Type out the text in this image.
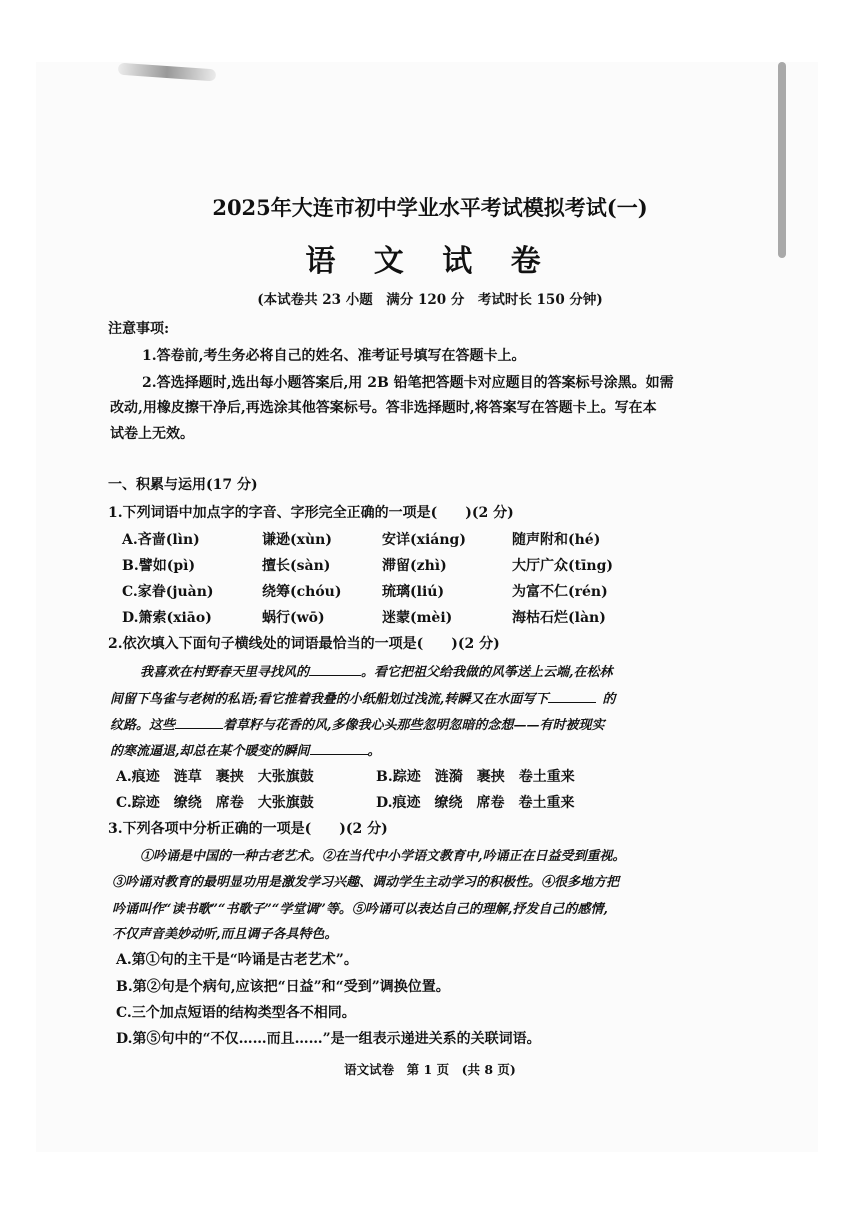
2025年大连市初中学业水平考试模拟考试(一)
语 文 试 卷
(本试卷共 23 小题　满分 120 分　考试时长 150 分钟)
注意事项:
1.答卷前,考生务必将自己的姓名、准考证号填写在答题卡上。
2.答选择题时,选出每小题答案后,用 2B 铅笔把答题卡对应题目的答案标号涂黑。如需
改动,用橡皮擦干净后,再选涂其他答案标号。答非选择题时,将答案写在答题卡上。写在本
试卷上无效。
一、积累与运用(17 分)
1.下列词语中加点字的字音、字形完全正确的一项是(　　)(2 分)
A.吝啬(lìn)	谦逊(xùn)	安详(xiáng)	随声附和(hé)
B.譬如(pì)	擅长(sàn)	滞留(zhì)	大厅广众(tīng)
C.家眷(juàn)	绕筹(chóu)	琉璃(liú)	为富不仁(rén)
D.箫索(xiāo)	蜗行(wō)	迷蒙(mèi)	海枯石烂(làn)
2.依次填入下面句子横线处的词语最恰当的一项是(　　)(2 分)
我喜欢在村野春天里寻找风的	。看它把祖父给我做的风筝送上云端,在松林
间留下鸟雀与老树的私语;看它推着我叠的小纸船划过浅流,转瞬又在水面写下	的
纹路。这些	着草籽与花香的风,多像我心头那些忽明忽暗的念想——有时被现实
的寒流逼退,却总在某个暖变的瞬间	。
A.痕迹　涟草　裹挟　大张旗鼓	B.踪迹　涟漪　裹挟　卷土重来
C.踪迹　缭绕　席卷　大张旗鼓	D.痕迹　缭绕　席卷　卷土重来
3.下列各项中分析正确的一项是(　　)(2 分)
①吟诵是中国的一种古老艺术。②在当代中小学语文教育中,吟诵正在日益受到重视。
③吟诵对教育的最明显功用是激发学习兴趣、调动学生主动学习的积极性。④很多地方把
吟诵叫作“读书歌”“书歌子”“学堂调”等。⑤吟诵可以表达自己的理解,抒发自己的感情,
不仅声音美妙动听,而且调子各具特色。
A.第①句的主干是“吟诵是古老艺术”。
B.第②句是个病句,应该把“日益”和“受到”调换位置。
C.三个加点短语的结构类型各不相同。
D.第⑤句中的“不仅……而且……”是一组表示递进关系的关联词语。
语文试卷　第 1 页　(共 8 页)
